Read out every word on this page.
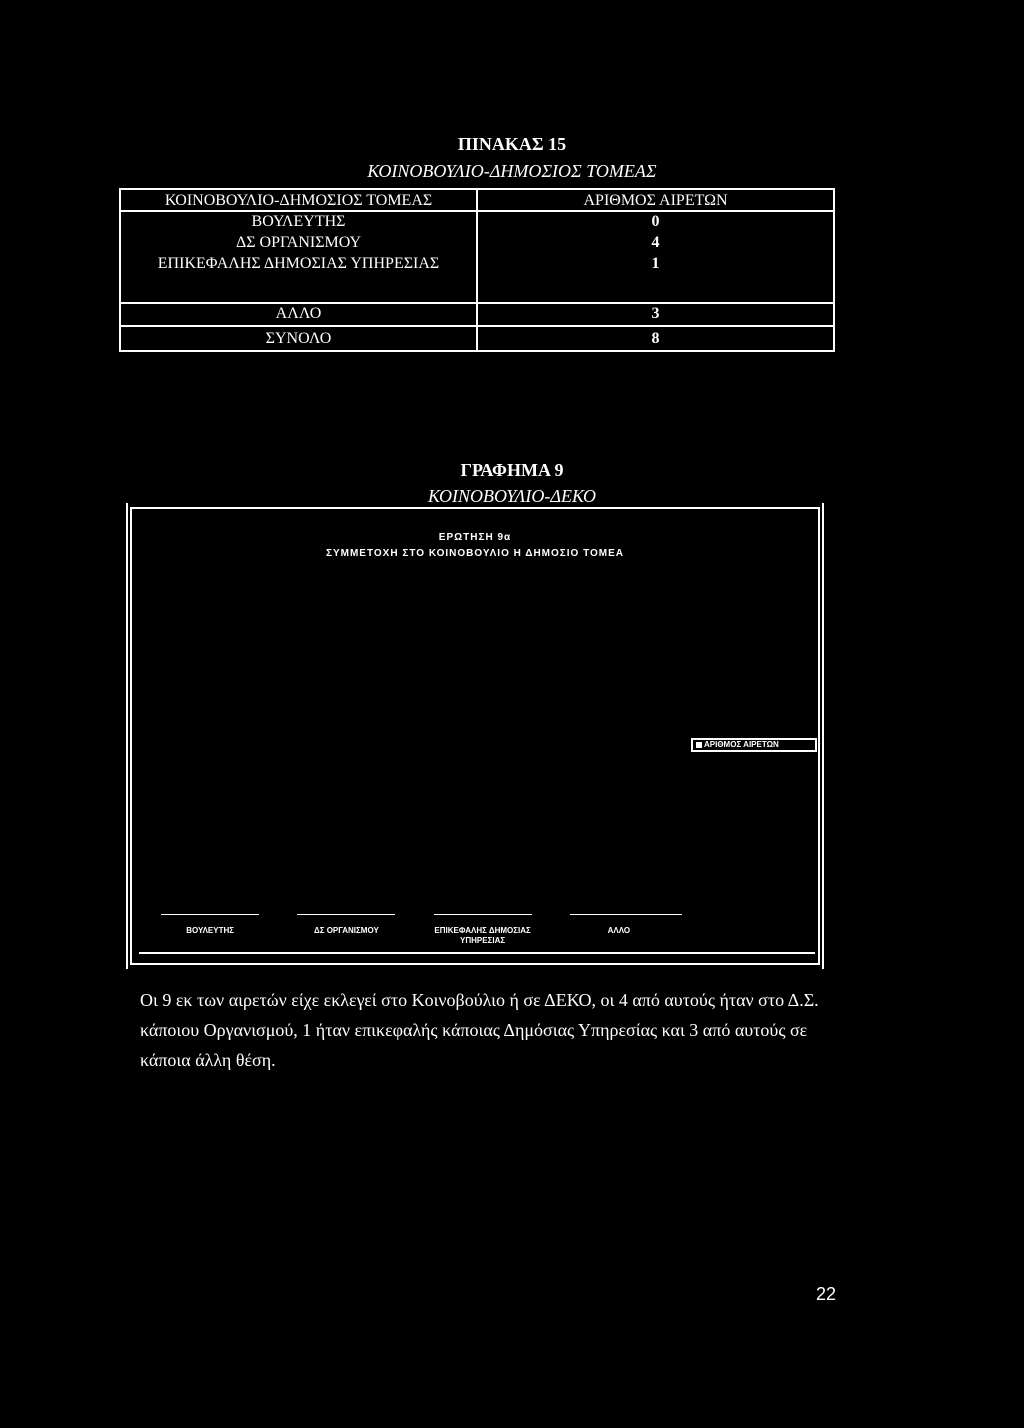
ΠΙΝΑΚΑΣ 15
ΚΟΙΝΟΒΟΥΛΙΟ-ΔΗΜΟΣΙΟΣ ΤΟΜΕΑΣ
ΚΟΙΝΟΒΟΥΛΙΟ-ΔΗΜΟΣΙΟΣ ΤΟΜΕΑΣ	ΑΡΙΘΜΟΣ ΑΙΡΕΤΩΝ
ΒΟΥΛΕΥΤΗΣ	0
ΔΣ ΟΡΓΑΝΙΣΜΟΥ	4
ΕΠΙΚΕΦΑΛΗΣ ΔΗΜΟΣΙΑΣ ΥΠΗΡΕΣΙΑΣ	1
ΑΛΛΟ	3
ΣΥΝΟΛΟ	8
ΓΡΑΦΗΜΑ 9
ΚΟΙΝΟΒΟΥΛΙΟ-ΔΕΚΟ
ΕΡΩΤΗΣΗ 9α
ΣΥΜΜΕΤΟΧΗ ΣΤΟ ΚΟΙΝΟΒΟΥΛΙΟ Η ΔΗΜΟΣΙΟ ΤΟΜΕΑ
ΑΡΙΘΜΟΣ ΑΙΡΕΤΩΝ
ΒΟΥΛΕΥΤΗΣ	ΔΣ ΟΡΓΑΝΙΣΜΟΥ	ΕΠΙΚΕΦΑΛΗΣ ΔΗΜΟΣΙΑΣ ΥΠΗΡΕΣΙΑΣ
ΑΛΛΟ
Οι 9 εκ των αιρετών είχε εκλεγεί στο Κοινοβούλιο ή σε ΔΕΚΟ, οι 4 από αυτούς ήταν στο Δ.Σ. κάποιου Οργανισμού, 1 ήταν επικεφαλής κάποιας Δημόσιας Υπηρεσίας και 3 από αυτούς σε κάποια άλλη θέση.
22
